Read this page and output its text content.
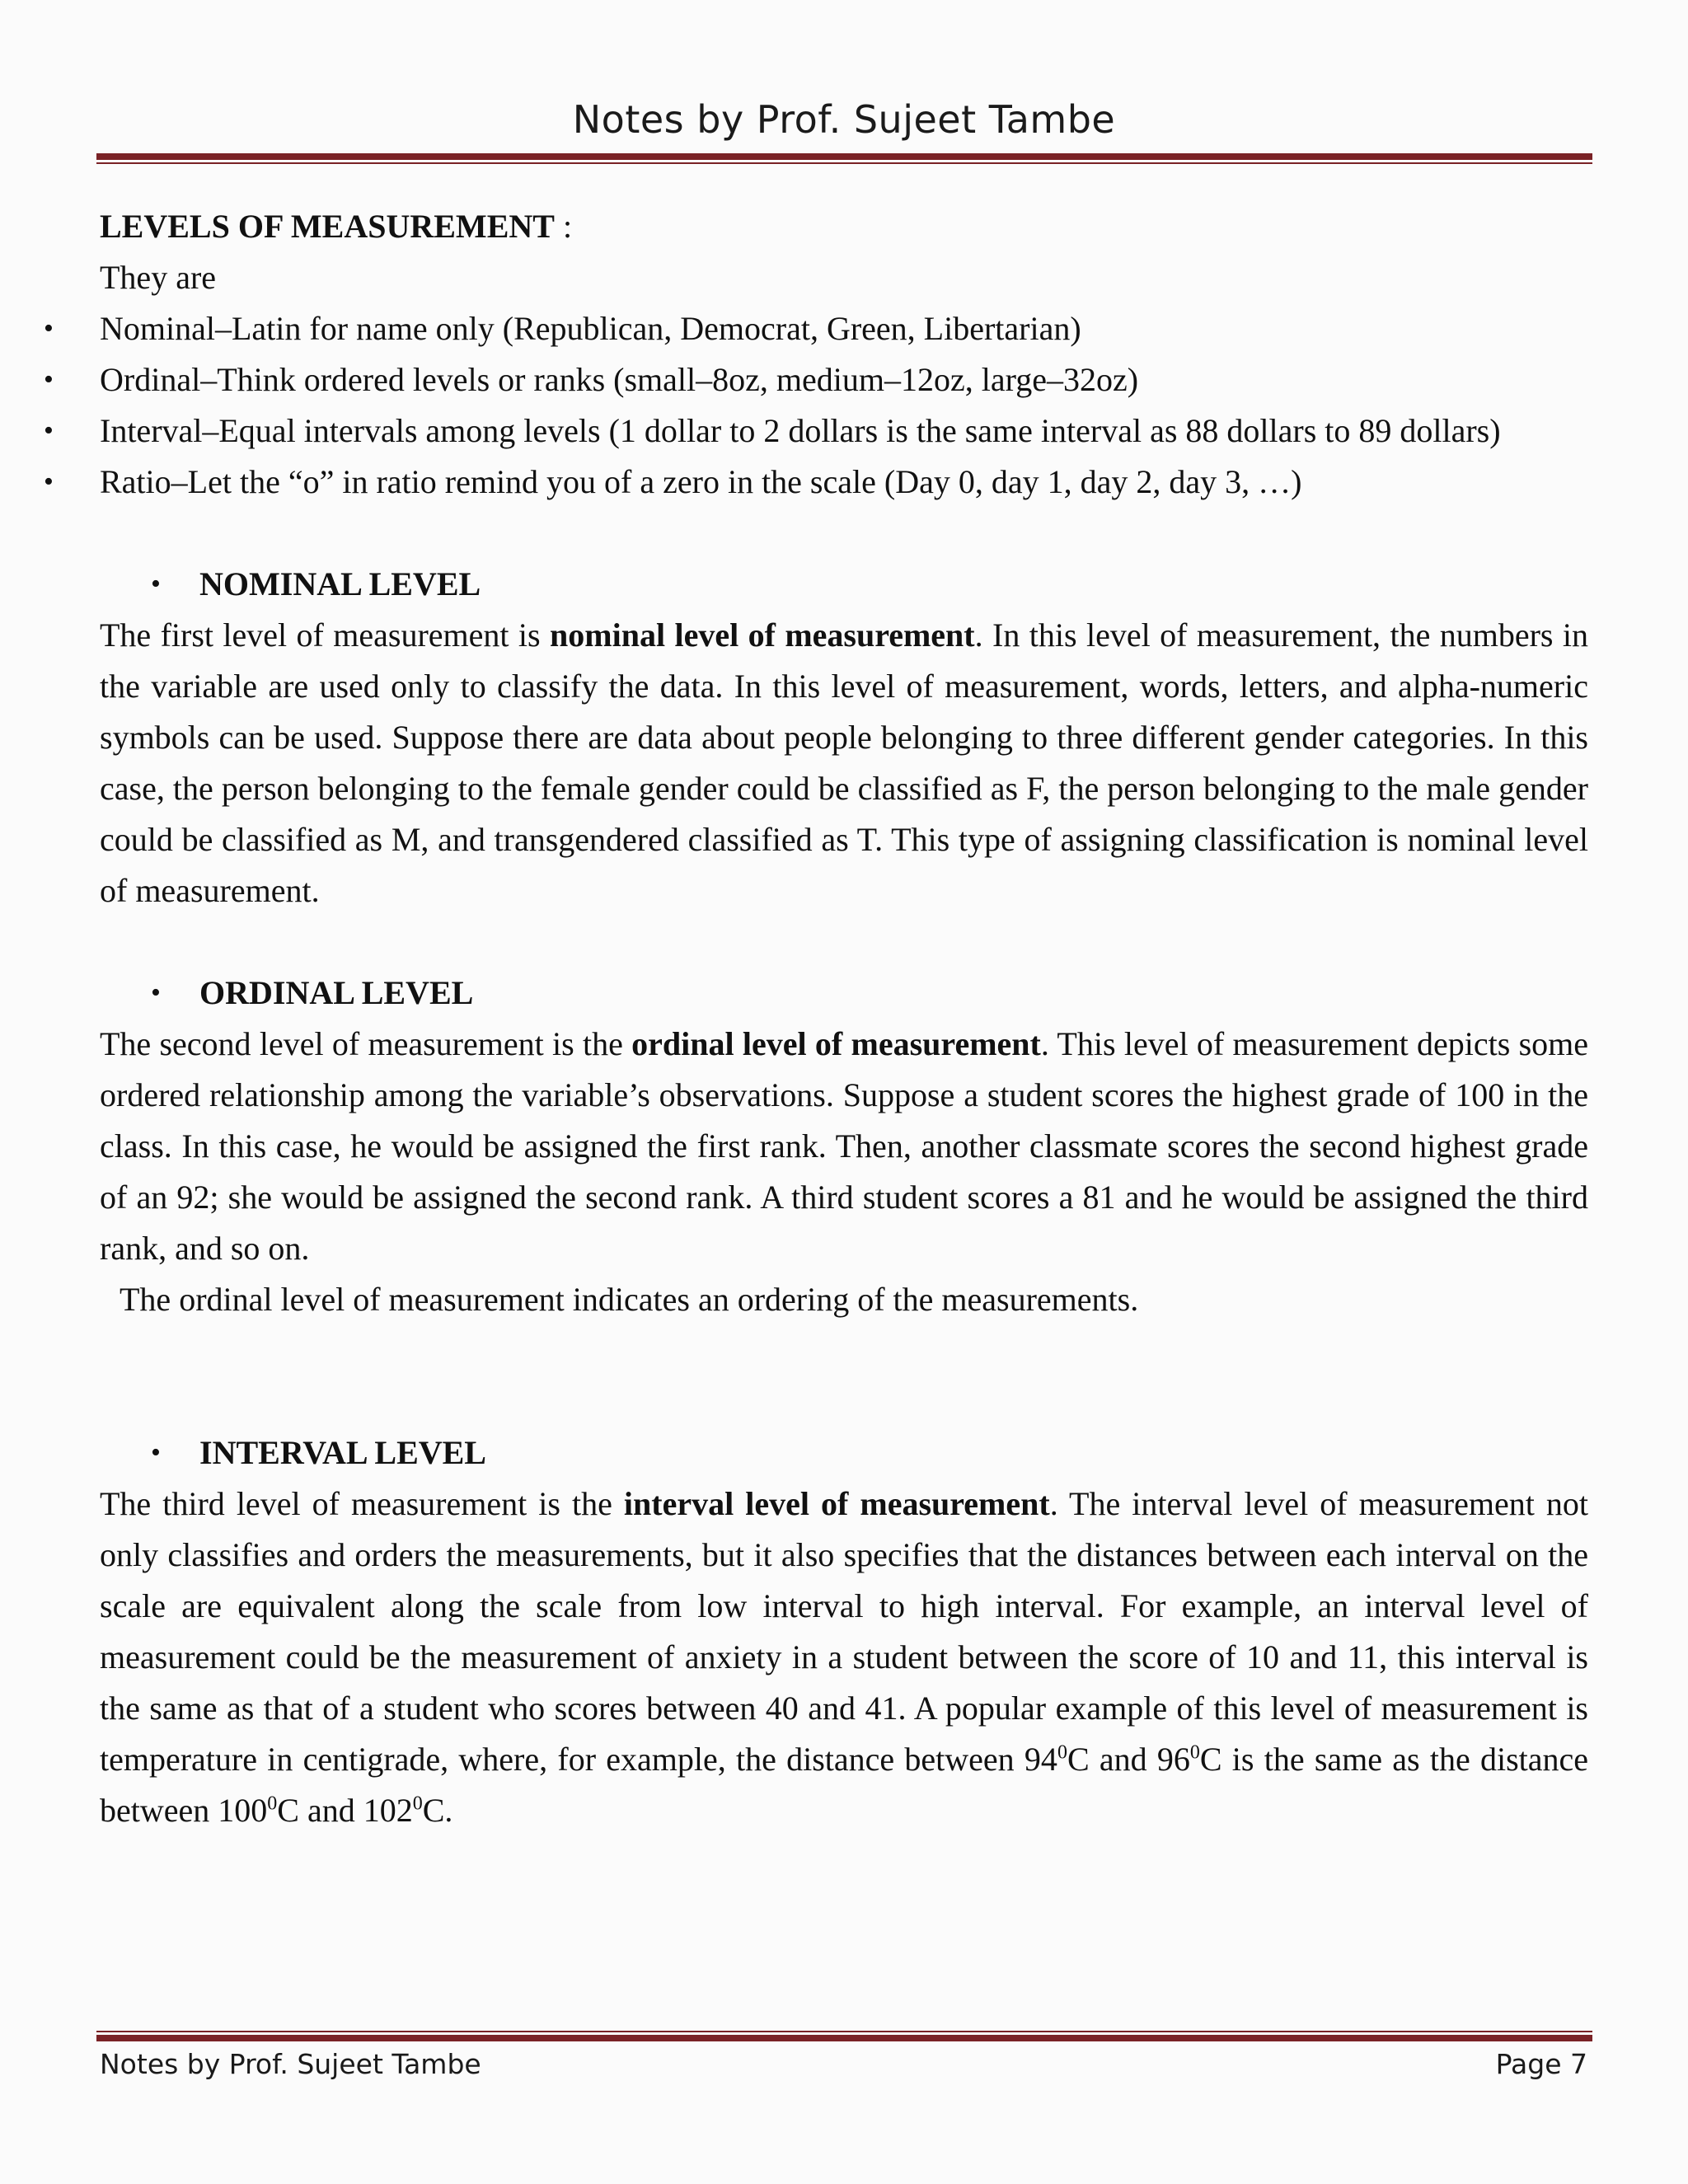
Notes by Prof. Sujeet Tambe

LEVELS OF MEASUREMENT :

They are

• Nominal–Latin for name only (Republican, Democrat, Green, Libertarian)
• Ordinal–Think ordered levels or ranks (small–8oz, medium–12oz, large–32oz)
• Interval–Equal intervals among levels (1 dollar to 2 dollars is the same interval as 88 dollars to 89 dollars)
• Ratio–Let the “o” in ratio remind you of a zero in the scale (Day 0, day 1, day 2, day 3, …)

• NOMINAL LEVEL

The first level of measurement is nominal level of measurement. In this level of measurement, the numbers in the variable are used only to classify the data. In this level of measurement, words, letters, and alpha-numeric symbols can be used. Suppose there are data about people belonging to three different gender categories. In this case, the person belonging to the female gender could be classified as F, the person belonging to the male gender could be classified as M, and transgendered classified as T. This type of assigning classification is nominal level of measurement.

• ORDINAL LEVEL

The second level of measurement is the ordinal level of measurement. This level of measurement depicts some ordered relationship among the variable’s observations. Suppose a student scores the highest grade of 100 in the class. In this case, he would be assigned the first rank. Then, another classmate scores the second highest grade of an 92; she would be assigned the second rank. A third student scores a 81 and he would be assigned the third rank, and so on.
The ordinal level of measurement indicates an ordering of the measurements.

• INTERVAL LEVEL

The third level of measurement is the interval level of measurement. The interval level of measurement not only classifies and orders the measurements, but it also specifies that the distances between each interval on the scale are equivalent along the scale from low interval to high interval. For example, an interval level of measurement could be the measurement of anxiety in a student between the score of 10 and 11, this interval is the same as that of a student who scores between 40 and 41. A popular example of this level of measurement is temperature in centigrade, where, for example, the distance between $94^0C$ and $96^0C$ is the same as the distance between $100^0C$ and $102^0C$.

Notes by Prof. Sujeet Tambe	Page 7
